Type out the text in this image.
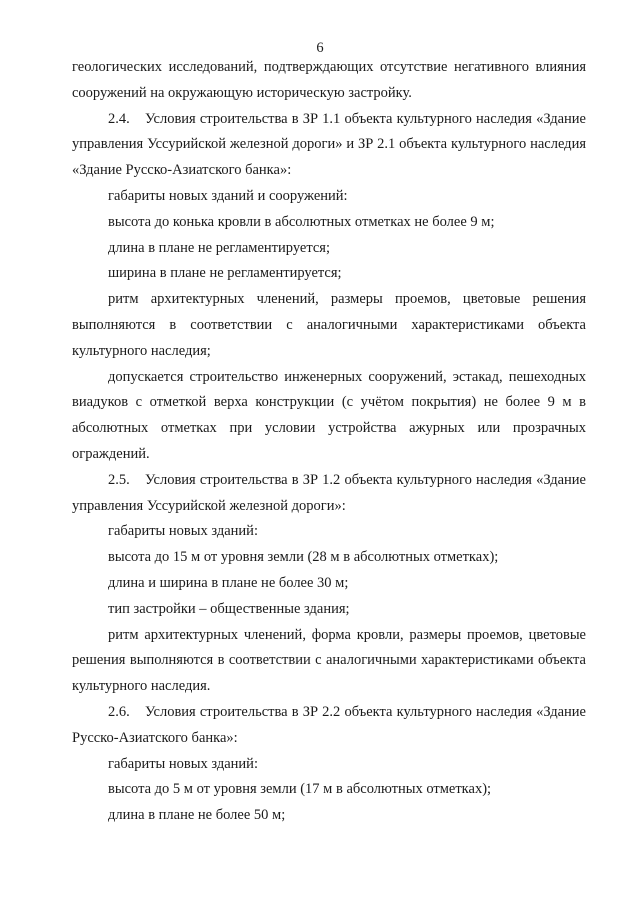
6

геологических исследований, подтверждающих отсутствие негативного влияния сооружений на окружающую историческую застройку.

2.4. Условия строительства в ЗР 1.1 объекта культурного наследия «Здание управления Уссурийской железной дороги» и ЗР 2.1 объекта культурного наследия «Здание Русско-Азиатского банка»:

габариты новых зданий и сооружений:

высота до конька кровли в абсолютных отметках не более 9 м;

длина в плане не регламентируется;

ширина в плане не регламентируется;

ритм архитектурных членений, размеры проемов, цветовые решения выполняются в соответствии с аналогичными характеристиками объекта культурного наследия;

допускается строительство инженерных сооружений, эстакад, пешеходных виадуков с отметкой верха конструкции (с учётом покрытия) не более 9 м в абсолютных отметках при условии устройства ажурных или прозрачных ограждений.

2.5. Условия строительства в ЗР 1.2 объекта культурного наследия «Здание управления Уссурийской железной дороги»:

габариты новых зданий:

высота до 15 м от уровня земли (28 м в абсолютных отметках);

длина и ширина в плане не более 30 м;

тип застройки – общественные здания;

ритм архитектурных членений, форма кровли, размеры проемов, цветовые решения выполняются в соответствии с аналогичными характеристиками объекта культурного наследия.

2.6. Условия строительства в ЗР 2.2 объекта культурного наследия «Здание Русско-Азиатского банка»:

габариты новых зданий:

высота до 5 м от уровня земли (17 м в абсолютных отметках);

длина в плане не более 50 м;
